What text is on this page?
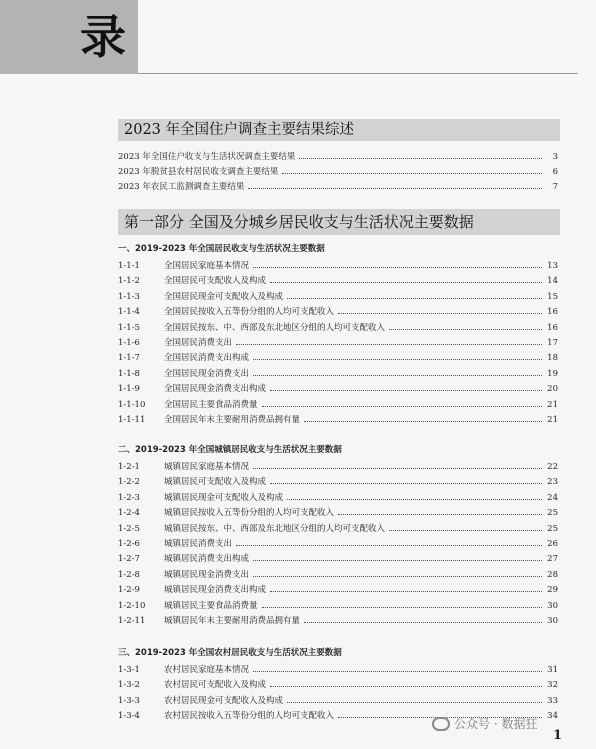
录
2023 年全国住户调查主要结果综述
2023 年全国住户收支与生活状况调查主要结果	3
2023 年脱贫县农村居民收支调查主要结果	6
2023 年农民工监测调查主要结果	7
第一部分 全国及分城乡居民收支与生活状况主要数据
一、2019-2023 年全国居民收支与生活状况主要数据
1-1-1	全国居民家庭基本情况	13
1-1-2	全国居民可支配收入及构成	14
1-1-3	全国居民现金可支配收入及构成	15
1-1-4	全国居民按收入五等份分组的人均可支配收入	16
1-1-5	全国居民按东、中、西部及东北地区分组的人均可支配收入	16
1-1-6	全国居民消费支出	17
1-1-7	全国居民消费支出构成	18
1-1-8	全国居民现金消费支出	19
1-1-9	全国居民现金消费支出构成	20
1-1-10	全国居民主要食品消费量	21
1-1-11	全国居民年末主要耐用消费品拥有量	21
二、2019-2023 年全国城镇居民收支与生活状况主要数据
1-2-1	城镇居民家庭基本情况	22
1-2-2	城镇居民可支配收入及构成	23
1-2-3	城镇居民现金可支配收入及构成	24
1-2-4	城镇居民按收入五等份分组的人均可支配收入	25
1-2-5	城镇居民按东、中、西部及东北地区分组的人均可支配收入	25
1-2-6	城镇居民消费支出	26
1-2-7	城镇居民消费支出构成	27
1-2-8	城镇居民现金消费支出	28
1-2-9	城镇居民现金消费支出构成	29
1-2-10	城镇居民主要食品消费量	30
1-2-11	城镇居民年末主要耐用消费品拥有量	30
三、2019-2023 年全国农村居民收支与生活状况主要数据
1-3-1	农村居民家庭基本情况	31
1-3-2	农村居民可支配收入及构成	32
1-3-3	农村居民现金可支配收入及构成	33
1-3-4	农村居民按收入五等份分组的人均可支配收入	34
公众号 · 数据狂
1
